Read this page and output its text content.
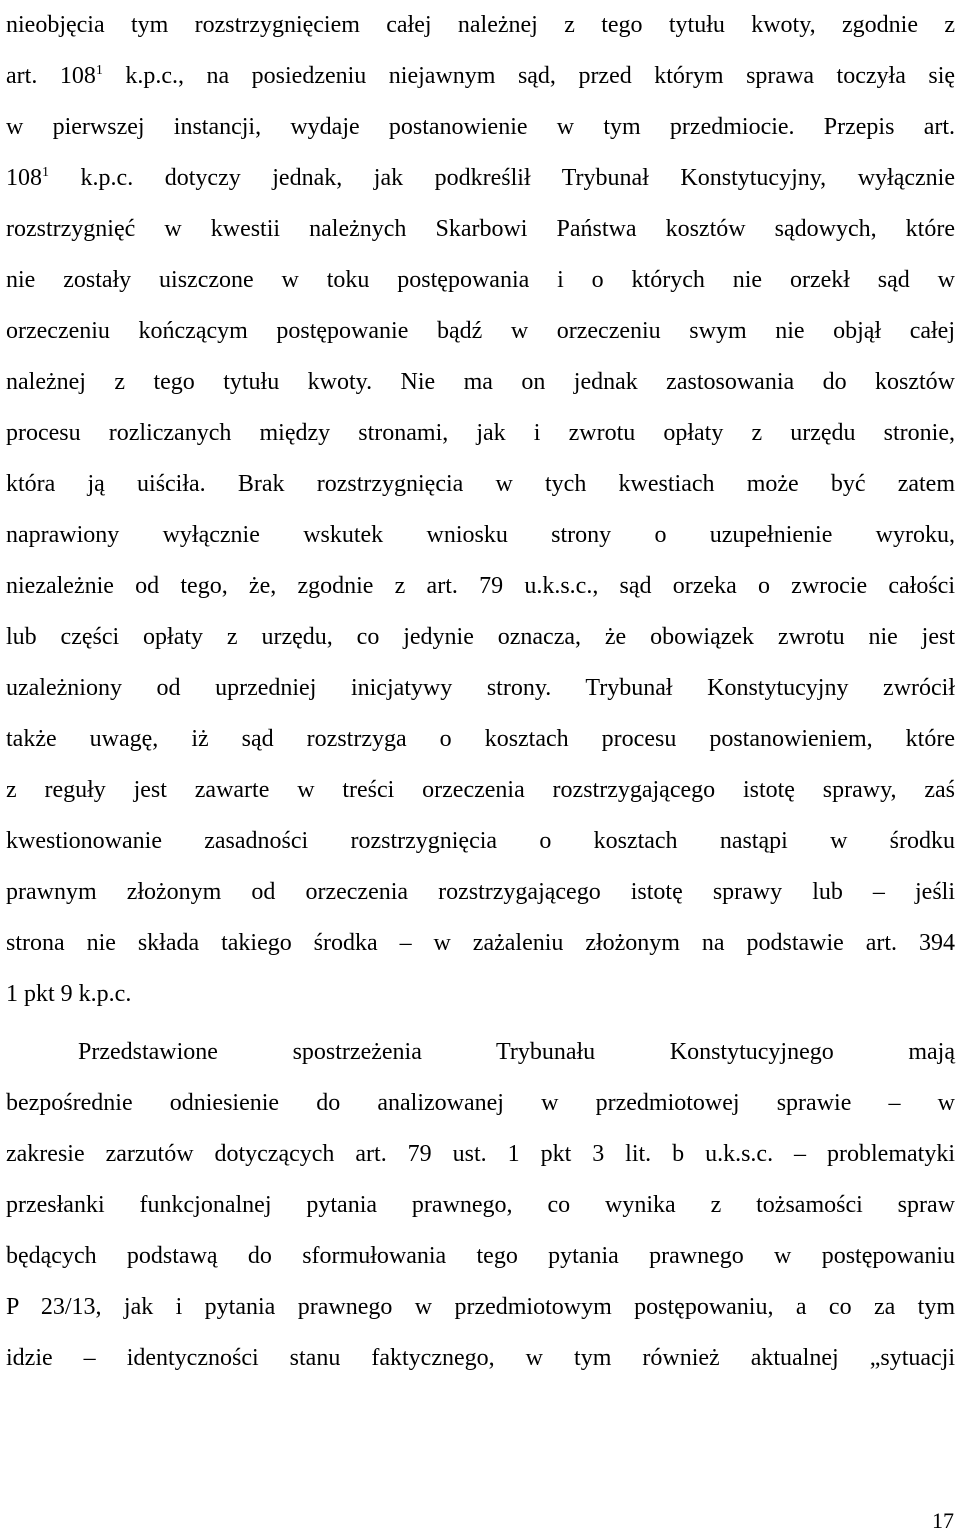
nieobjęcia tym rozstrzygnięciem całej należnej z tego tytułu kwoty, zgodnie z
art. $108^1$ k.p.c., na posiedzeniu niejawnym sąd, przed którym sprawa toczyła się
w pierwszej instancji, wydaje postanowienie w tym przedmiocie. Przepis art.
$108^1$ k.p.c. dotyczy jednak, jak podkreślił Trybunał Konstytucyjny, wyłącznie
rozstrzygnięć w kwestii należnych Skarbowi Państwa kosztów sądowych, które
nie zostały uiszczone w toku postępowania i o których nie orzekł sąd w
orzeczeniu kończącym postępowanie bądź w orzeczeniu swym nie objął całej
należnej z tego tytułu kwoty. Nie ma on jednak zastosowania do kosztów
procesu rozliczanych między stronami, jak i zwrotu opłaty z urzędu stronie,
która ją uiściła. Brak rozstrzygnięcia w tych kwestiach może być zatem
naprawiony wyłącznie wskutek wniosku strony o uzupełnienie wyroku,
niezależnie od tego, że, zgodnie z art. 79 u.k.s.c., sąd orzeka o zwrocie całości
lub części opłaty z urzędu, co jedynie oznacza, że obowiązek zwrotu nie jest
uzależniony od uprzedniej inicjatywy strony. Trybunał Konstytucyjny zwrócił
także uwagę, iż sąd rozstrzyga o kosztach procesu postanowieniem, które
z reguły jest zawarte w treści orzeczenia rozstrzygającego istotę sprawy, zaś
kwestionowanie zasadności rozstrzygnięcia o kosztach nastąpi w środku
prawnym złożonym od orzeczenia rozstrzygającego istotę sprawy lub – jeśli
strona nie składa takiego środka – w zażaleniu złożonym na podstawie art. 394
1 pkt 9 k.p.c.
Przedstawione spostrzeżenia Trybunału Konstytucyjnego mają
bezpośrednie odniesienie do analizowanej w przedmiotowej sprawie – w
zakresie zarzutów dotyczących art. 79 ust. 1 pkt 3 lit. b u.k.s.c. – problematyki
przesłanki funkcjonalnej pytania prawnego, co wynika z tożsamości spraw
będących podstawą do sformułowania tego pytania prawnego w postępowaniu
P 23/13, jak i pytania prawnego w przedmiotowym postępowaniu, a co za tym
idzie – identyczności stanu faktycznego, w tym również aktualnej „sytuacji
17
